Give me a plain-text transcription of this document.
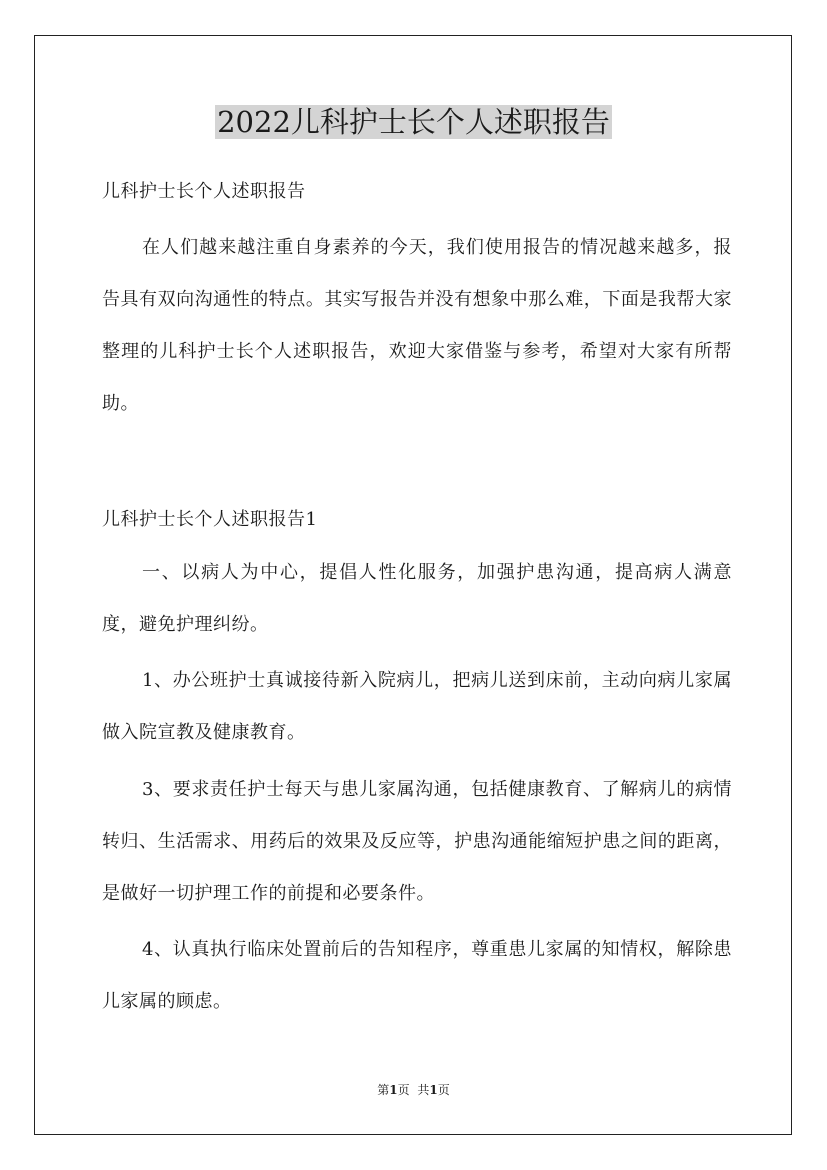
2022儿科护士长个人述职报告

儿科护士长个人述职报告

在人们越来越注重自身素养的今天，我们使用报告的情况越来越多，报告具有双向沟通性的特点。其实写报告并没有想象中那么难，下面是我帮大家整理的儿科护士长个人述职报告，欢迎大家借鉴与参考，希望对大家有所帮助。

儿科护士长个人述职报告1

一、以病人为中心，提倡人性化服务，加强护患沟通，提高病人满意度，避免护理纠纷。

1、办公班护士真诚接待新入院病儿，把病儿送到床前，主动向病儿家属做入院宣教及健康教育。

3、要求责任护士每天与患儿家属沟通，包括健康教育、了解病儿的病情转归、生活需求、用药后的效果及反应等，护患沟通能缩短护患之间的距离，是做好一切护理工作的前提和必要条件。

4、认真执行临床处置前后的告知程序，尊重患儿家属的知情权，解除患儿家属的顾虑。

第1页 共1页
